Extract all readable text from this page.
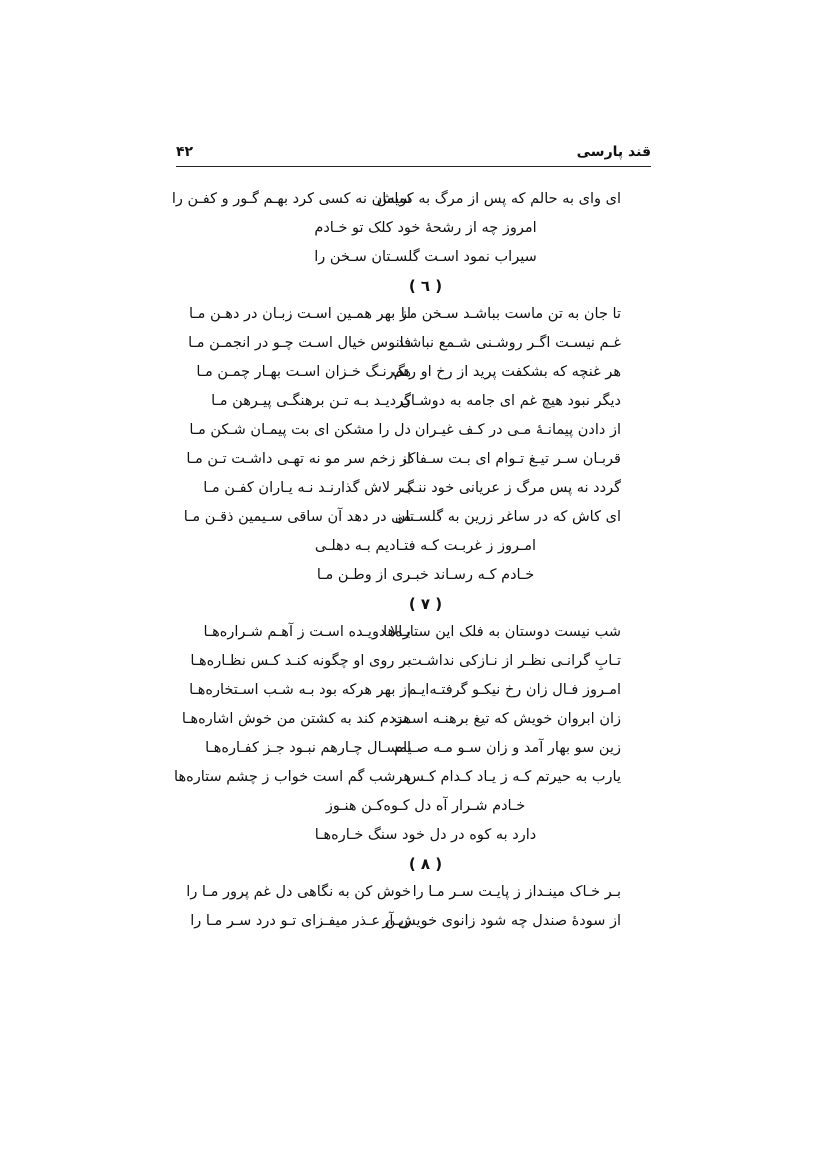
قند پارسی
۴۲
ای وای به حالم که پس از مرگ به کویش
سامان نه کسی کرد بهـم گـور و کفـن را
امروز چه از رشحهٔ خود کلک تو خـادم
سیراب نمود اسـت گلسـتان سـخن را
( ٦ )
تا جان به تن ماست بباشـد سـخن مـا
از بهر همـین اسـت زبـان در دهـن مـا
غـم نیسـت اگـر روشـنی شـمع نباشـد
فانوس خیال اسـت چـو در انجمـن مـا
هر غنچه که بشکفت پرید از رخ او رنگ
هم‌رنـگ خـزان اسـت بهـار چمـن مـا
دیگر نبود هیچ غم ای جامه به دوشـان
گردیـد بـه تـن برهنگـی پیـرهن مـا
از دادن پیمانـهٔ مـی در کـف غیـران
دل را مشکن ای بت پیمـان شـکن مـا
قربـان سـر تیـغ تـوام ای بـت سـفاک
از زخم سر مو نه تهـی داشـت تـن مـا
گردد نه پس مرگ ز عریانی خود ننـگ
بـر لاش گذارنـد نـه یـاران کفـن مـا
ای کاش که در ساغر زرین به گلسـتان
می در دهد آن ساقی سـیمین ذقـن مـا
امـروز ز غربـت کـه فتـادیم بـه دهلـی
خـادم کـه رسـاند خبـری از وطـن مـا
( ٧ )
شب نیست دوستان به فلک این ستاره‌ها
بـالا دویـده اسـت ز آهـم شـراره‌هـا
تـابِ گرانـی نظـر از نـازکی نداشـت
بر روی او چگونه کنـد کـس نظـاره‌هـا
امـروز فـال زان رخ نیکـو گرفتـه‌ایـم
از بهر هرکه بود بـه شـب اسـتخاره‌هـا
زان ابروان خویش که تیغ برهنـه اسـت
هردم کند به کشتن من خوش اشاره‌هـا
زین سو بهار آمد و زان سـو مـه صـیام
امسـال چـارهم نبـود جـز کفـاره‌هـا
یارب به حیرتم کـه ز یـاد کـدام کـس
هرشب گم است خواب ز چشم ستاره‌ها
خـادم شـرار آه دل کـوه‌کـن هنـوز
دارد به کوه در دل خود سنگ خـاره‌هـا
( ٨ )
بـر خـاک مینـداز ز پایـت سـر مـا را
خوش کن به نگاهی دل غم پرور مـا را
از سودهٔ صندل چه شود زانوی خویش آر
زیـن عـذر میفـزای تـو درد سـر مـا را
